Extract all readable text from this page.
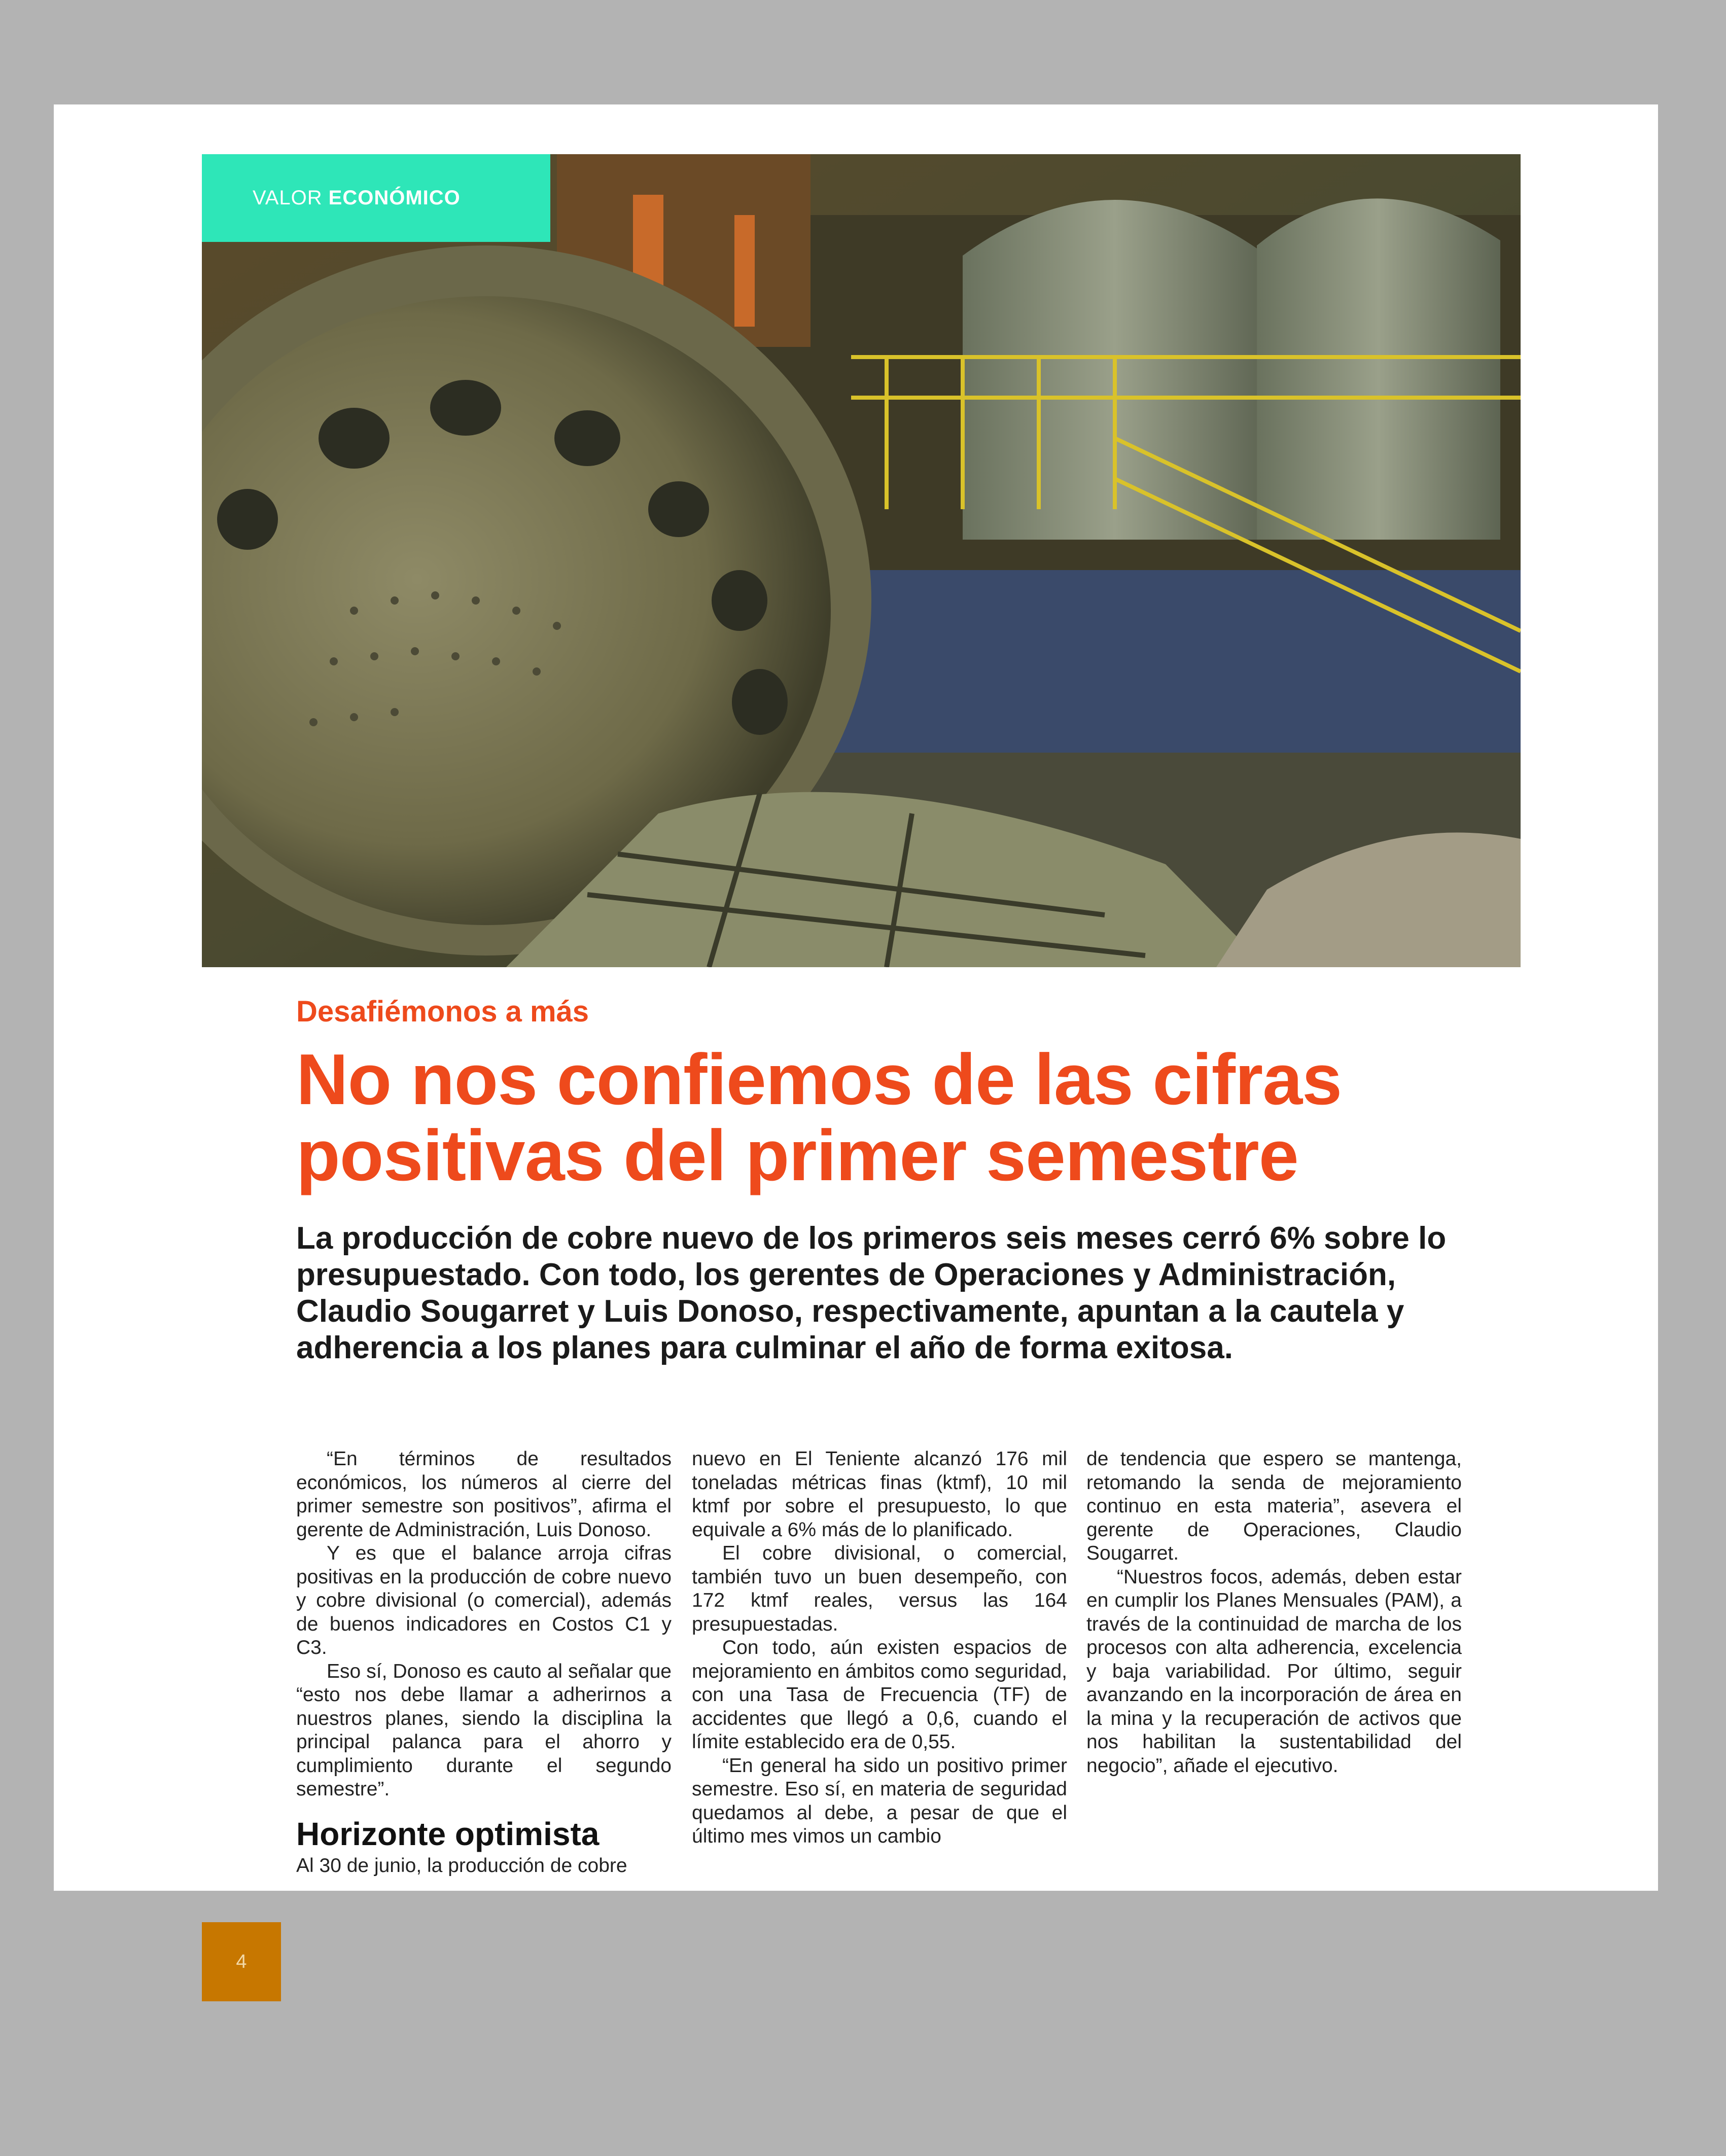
VALOR ECONÓMICO
Desafiémonos a más
No nos confiemos de las cifras positivas del primer semestre

La producción de cobre nuevo de los primeros seis meses cerró 6% sobre lo presupuestado. Con todo, los gerentes de Operaciones y Administración, Claudio Sougarret y Luis Donoso, respectivamente, apuntan a la cautela y adherencia a los planes para culminar el año de forma exitosa.

“En términos de resultados económicos, los números al cierre del primer semestre son positivos”, afirma el gerente de Administración, Luis Donoso.

Y es que el balance arroja cifras positivas en la producción de cobre nuevo y cobre divisional (o comercial), además de buenos indicadores en Costos C1 y C3.

Eso sí, Donoso es cauto al señalar que “esto nos debe llamar a adherirnos a nuestros planes, siendo la disciplina la principal palanca para el ahorro y cumplimiento durante el segundo semestre”.

Horizonte optimista

Al 30 de junio, la producción de cobre

nuevo en El Teniente alcanzó 176 mil toneladas métricas finas (ktmf), 10 mil ktmf por sobre el presupuesto, lo que equivale a 6% más de lo planificado.

El cobre divisional, o comercial, también tuvo un buen desempeño, con 172 ktmf reales, versus las 164 presupuestadas.

Con todo, aún existen espacios de mejoramiento en ámbitos como seguridad, con una Tasa de Frecuencia (TF) de accidentes que llegó a 0,6, cuando el límite establecido era de 0,55.

“En general ha sido un positivo primer semestre. Eso sí, en materia de seguridad quedamos al debe, a pesar de que el último mes vimos un cambio

de tendencia que espero se mantenga, retomando la senda de mejoramiento continuo en esta materia”, asevera el gerente de Operaciones, Claudio Sougarret.

“Nuestros focos, además, deben estar en cumplir los Planes Mensuales (PAM), a través de la continuidad de marcha de los procesos con alta adherencia, excelencia y baja variabilidad. Por último, seguir avanzando en la incorporación de área en la mina y la recuperación de activos que nos habilitan la sustentabilidad del negocio”, añade el ejecutivo.

4
